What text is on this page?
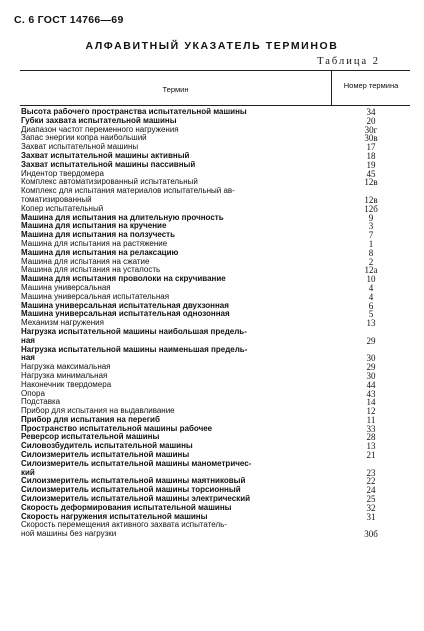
С. 6 ГОСТ 14766—69
АЛФАВИТНЫЙ УКАЗАТЕЛЬ ТЕРМИНОВ
Таблица 2
Термин	Номер термина
Высота рабочего пространства испытательной машины
Губки захвата испытательной машины
Диапазон частот переменного нагружения
Запас энергии копра наибольший
Захват испытательной машины
Захват испытательной машины активный
Захват испытательной машины пассивный
Индентор твердомера
Комплекс автоматизированный испытательный
Комплекс для испытания материалов испытательный ав-
томатизированный
Копер испытательный
Машина для испытания на длительную прочность
Машина для испытания на кручение
Машина для испытания на ползучесть
Машина для испытания на растяжение
Машина для испытания на релаксацию
Машина для испытания на сжатие
Машина для испытания на усталость
Машина для испытания проволоки на скручивание
Машина универсальная
Машина универсальная испытательная
Машина универсальная испытательная двухзонная
Машина универсальная испытательная однозонная
Механизм нагружения
Нагрузка испытательной машины наибольшая предель-
ная
Нагрузка испытательной машины наименьшая предель-
ная
Нагрузка максимальная
Нагрузка минимальная
Наконечник твердомера
Опора
Подставка
Прибор для испытания на выдавливание
Прибор для испытания на перегиб
Пространство испытательной машины рабочее
Реверсор испытательной машины
Силовозбудитель испытательной машины
Силоизмеритель испытательной машины
Силоизмеритель испытательной машины манометричес-
кий
Силоизмеритель испытательной машины маятниковый
Силоизмеритель испытательной машины торсионный
Силоизмеритель испытательной машины электрический
Скорость деформирования испытательной машины
Скорость нагружения испытательной машины
Скорость перемещения активного захвата испытатель-
ной машины без нагрузки
34
20
30г
30в
17
18
19
45
12в
12в
12б
9
3
7
1
8
2
12а
10
4
4
6
5
13
29
30
29
30
44
43
14
12
11
33
28
13
21
23
22
24
25
32
31
30б
